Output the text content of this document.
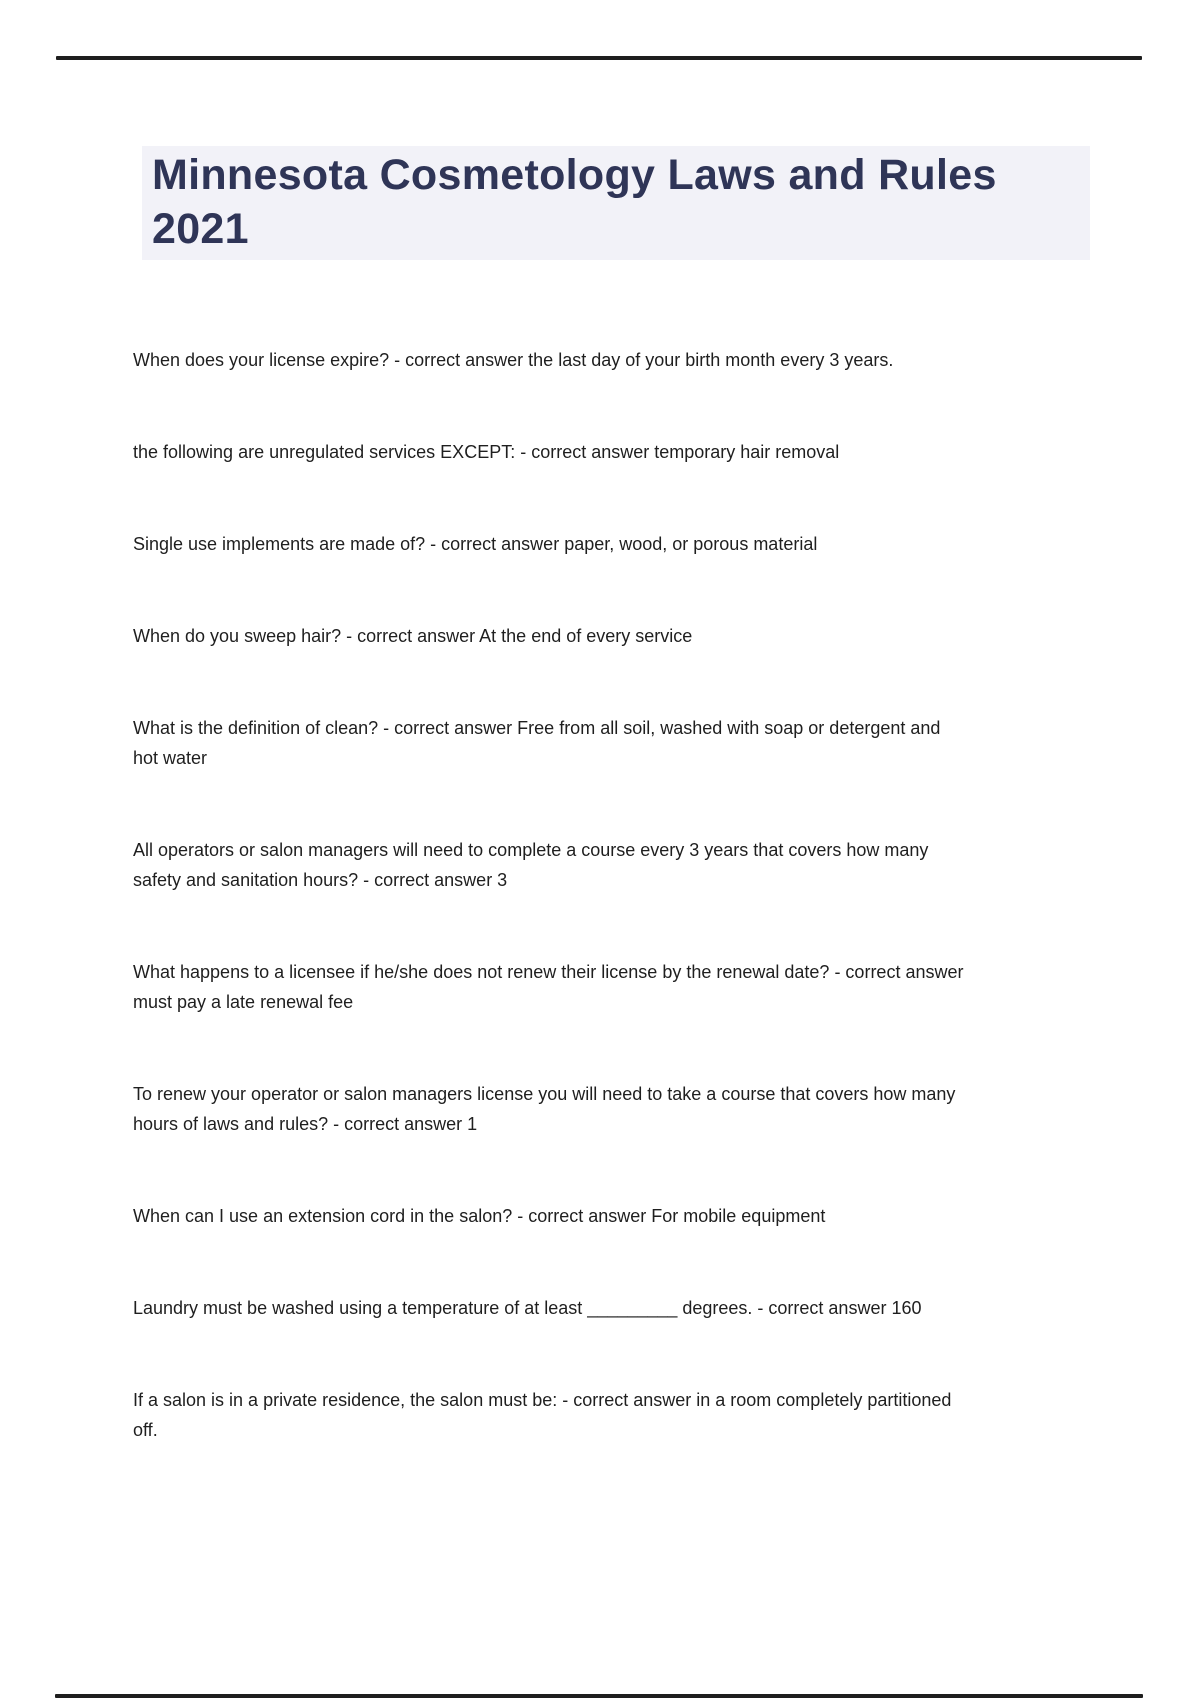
Minnesota Cosmetology Laws and Rules
2021

When does your license expire? - correct answer the last day of your birth month every 3 years.

the following are unregulated services EXCEPT: - correct answer temporary hair removal

Single use implements are made of? - correct answer paper, wood, or porous material

When do you sweep hair? - correct answer At the end of every service

What is the definition of clean? - correct answer Free from all soil, washed with soap or detergent and
hot water

All operators or salon managers will need to complete a course every 3 years that covers how many
safety and sanitation hours? - correct answer 3

What happens to a licensee if he/she does not renew their license by the renewal date? - correct answer
must pay a late renewal fee

To renew your operator or salon managers license you will need to take a course that covers how many
hours of laws and rules? - correct answer 1

When can I use an extension cord in the salon? - correct answer For mobile equipment

Laundry must be washed using a temperature of at least _________ degrees. - correct answer 160

If a salon is in a private residence, the salon must be: - correct answer in a room completely partitioned
off.
